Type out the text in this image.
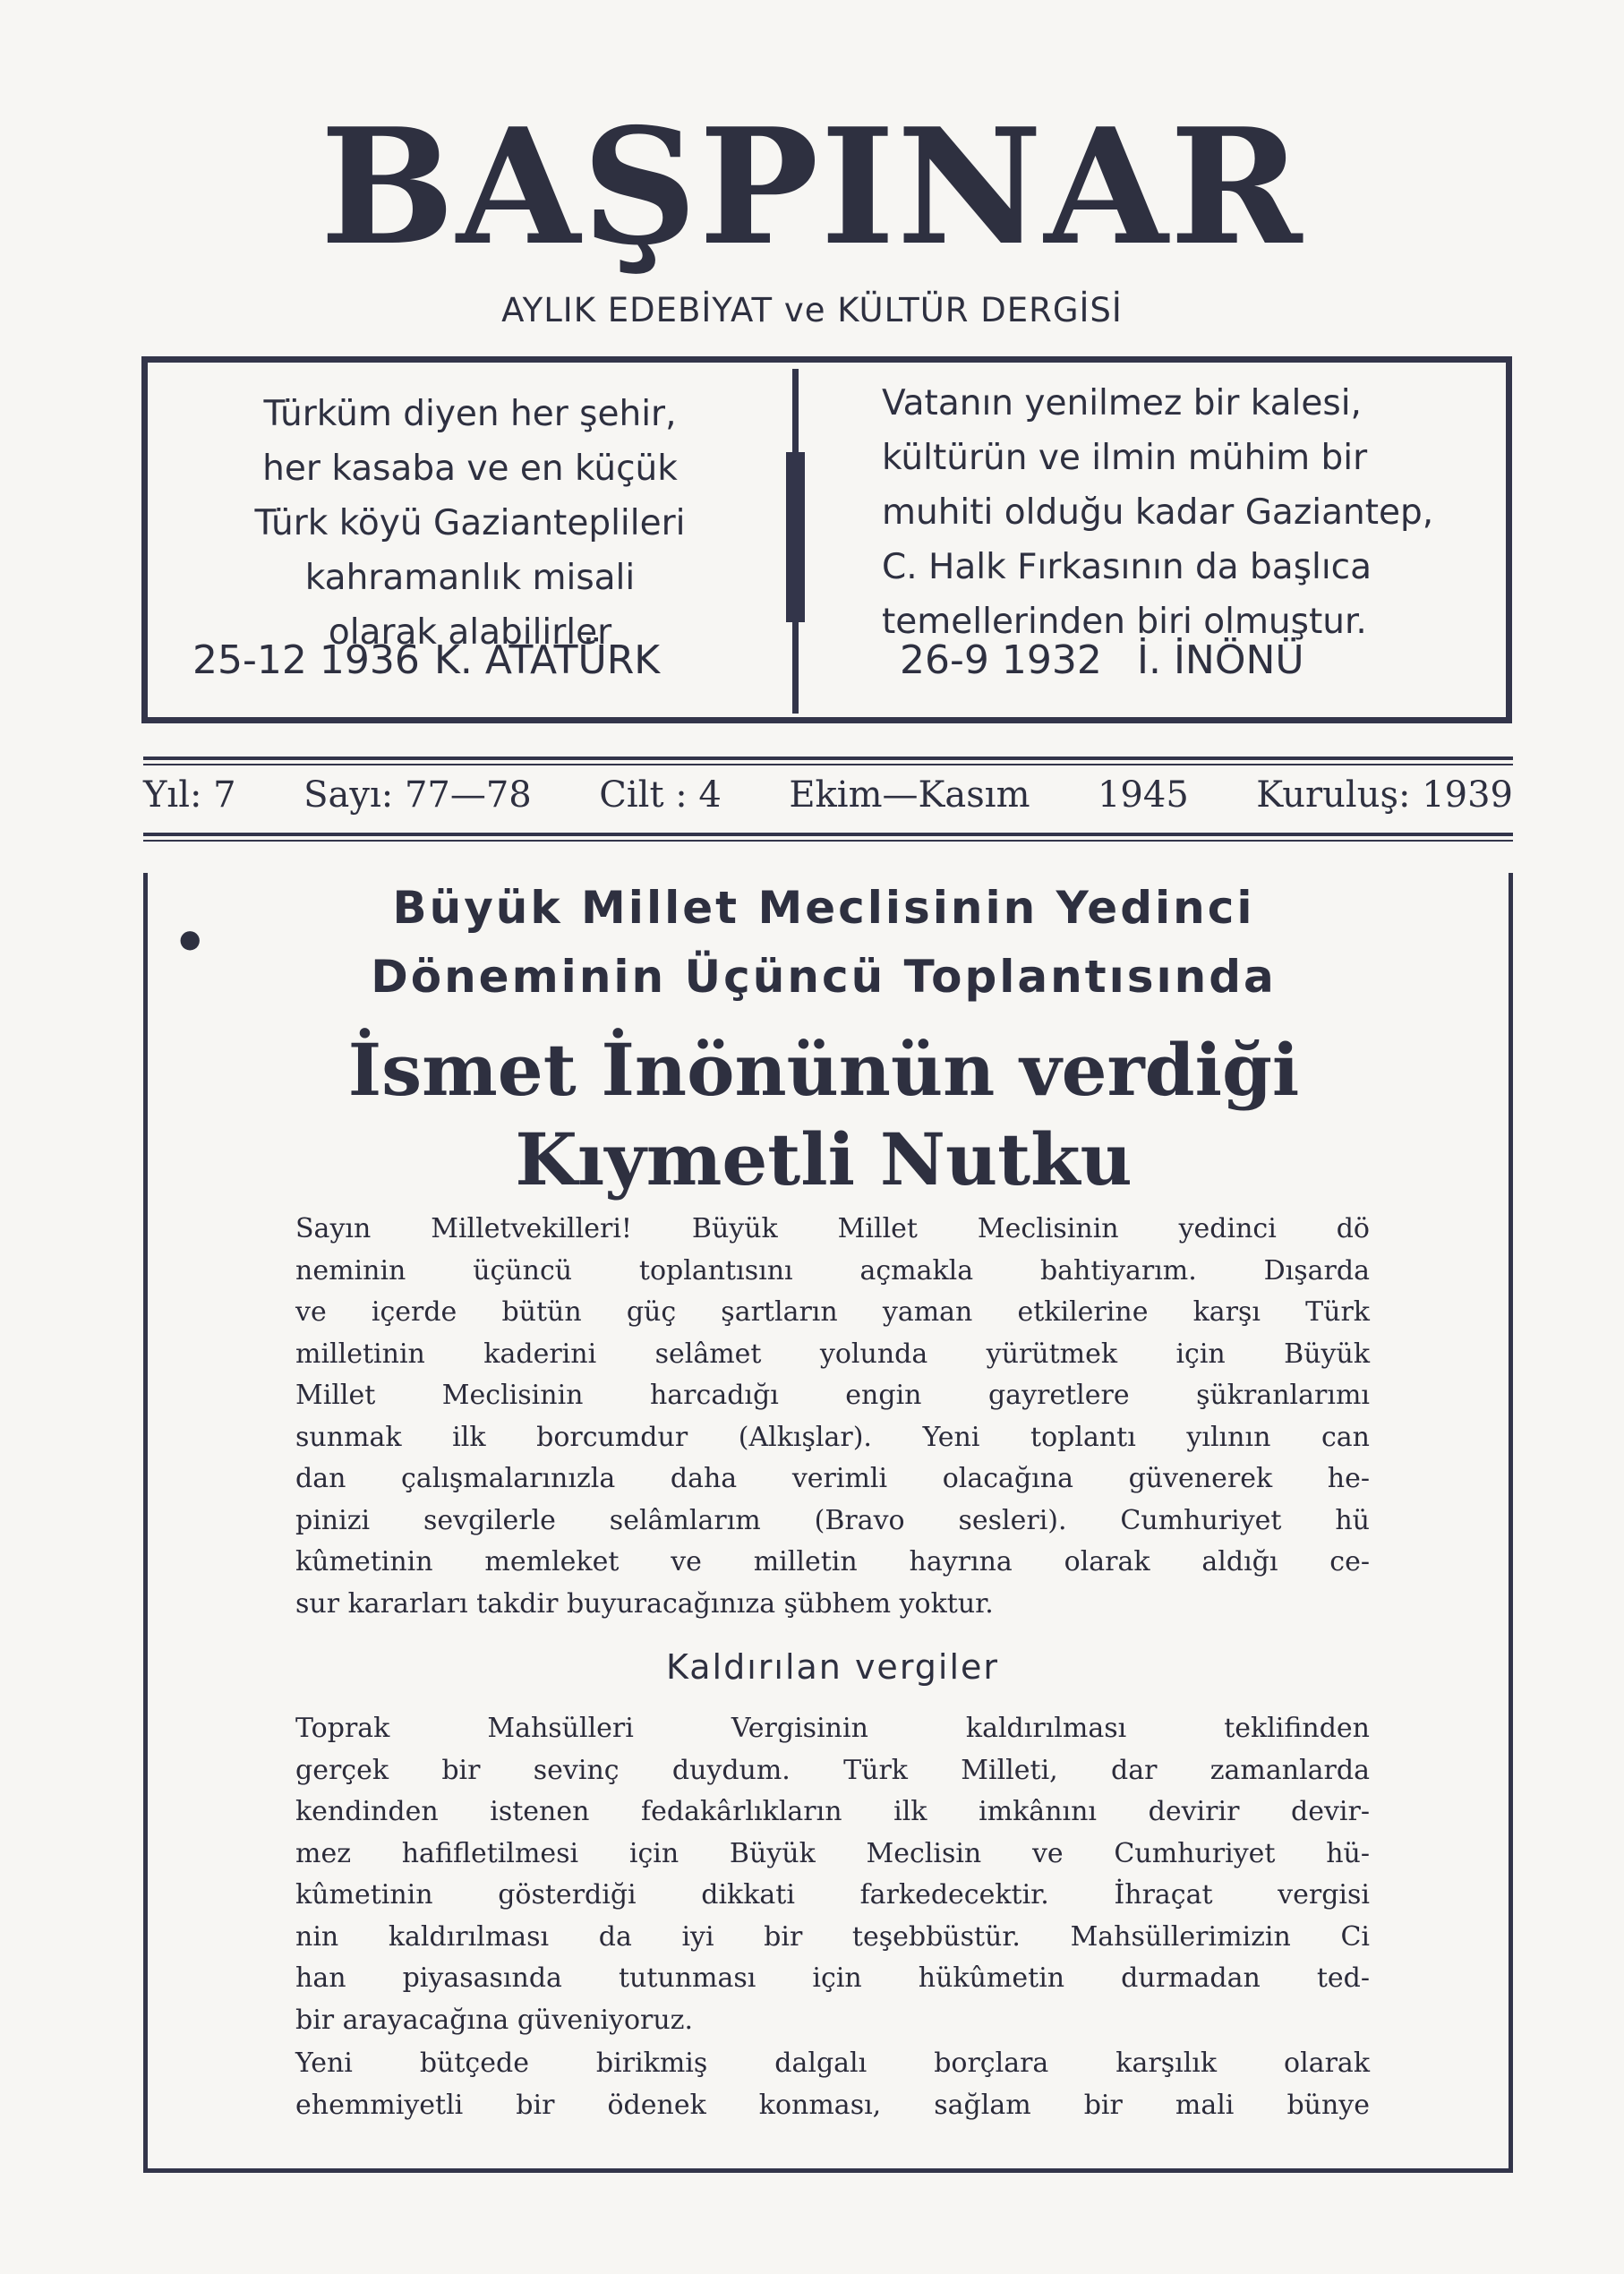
BAŞPINAR
AYLIK EDEBİYAT ve KÜLTÜR DERGİSİ
Türküm diyen her şehir,
her kasaba ve en küçük
Türk köyü Gaziantepli̇leri
kahramanlık misali
olarak alabilirler
25-12 1936 K. ATATÜRK
Vatanın yenilmez bir kalesi,
kültürün ve ilmin mühim bir
muhiti olduğu kadar Gaziantep,
C. Halk Fırkasının da başlıca
temellerinden biri olmuştur.
26-9 1932 İ. İNÖNÜ
Yıl: 7 Sayı: 77—78 Cilt : 4 Ekim—Kasım 1945 Kuruluş: 1939
●
Büyük Millet Meclisinin Yedinci
Döneminin Üçüncü Toplantısında
İsmet İnönünün verdiği
Kıymetli Nutku
Sayın Milletvekilleri! Büyük Millet Meclisinin yedinci dö
neminin üçüncü toplantısını açmakla bahtiyarım. Dışarda
ve içerde bütün güç şartların yaman etkilerine karşı Türk
milletinin kaderini selâmet yolunda yürütmek için Büyük
Millet Meclisinin harcadığı engin gayretlere şükranlarımı
sunmak ilk borcumdur (Alkışlar). Yeni toplantı yılının can
dan çalışmalarınızla daha verimli olacağına güvenerek he-
pinizi sevgilerle selâmlarım (Bravo sesleri). Cumhuriyet hü
kûmetinin memleket ve milletin hayrına olarak aldığı ce-
sur kararları takdir buyuracağınıza şübhem yoktur.
Kaldırılan vergiler
Toprak Mahsülleri Vergisinin kaldırılması teklifinden
gerçek bir sevinç duydum. Türk Milleti, dar zamanlarda
kendinden istenen fedakârlıkların ilk imkânını devirir devir-
mez hafifletilmesi için Büyük Meclisin ve Cumhuriyet hü-
kûmetinin gösterdiği dikkati farkedecektir. İhraçat vergisi
nin kaldırılması da iyi bir teşebbüstür. Mahsüllerimizin Ci
han piyasasında tutunması için hükûmetin durmadan ted-
bir arayacağına güveniyoruz.
Yeni bütçede birikmiş dalgalı borçlara karşılık olarak
ehemmiyetli bir ödenek konması, sağlam bir mali bünye
